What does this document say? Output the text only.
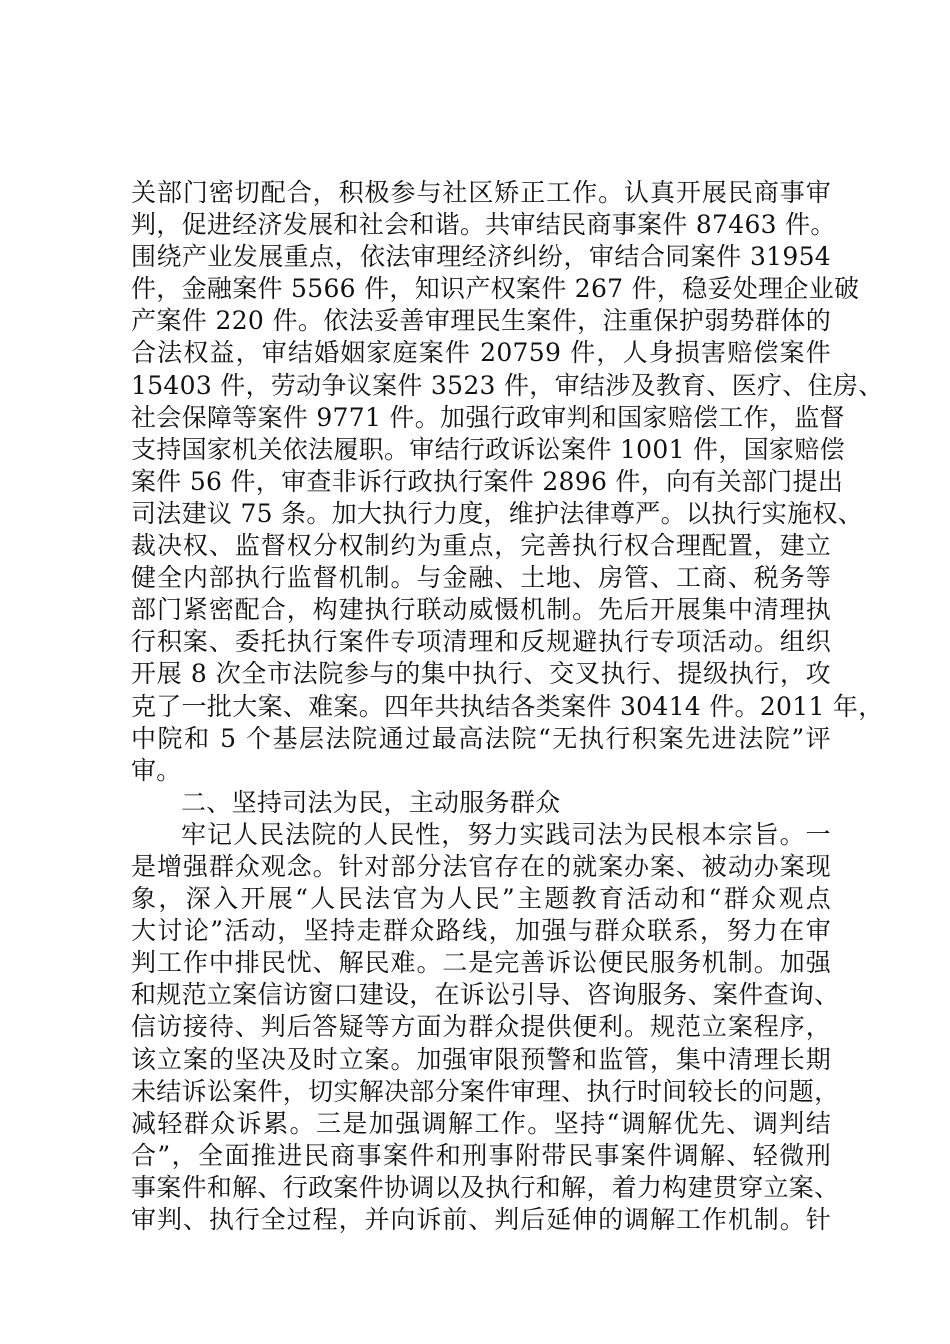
关部门密切配合，积极参与社区矫正工作。认真开展民商事审
判，促进经济发展和社会和谐。共审结民商事案件 87463 件。
围绕产业发展重点，依法审理经济纠纷，审结合同案件 31954
件，金融案件 5566 件，知识产权案件 267 件，稳妥处理企业破
产案件 220 件。依法妥善审理民生案件，注重保护弱势群体的
合法权益，审结婚姻家庭案件 20759 件，人身损害赔偿案件
15403 件，劳动争议案件 3523 件，审结涉及教育、医疗、住房、
社会保障等案件 9771 件。加强行政审判和国家赔偿工作，监督
支持国家机关依法履职。审结行政诉讼案件 1001 件，国家赔偿
案件 56 件，审查非诉行政执行案件 2896 件，向有关部门提出
司法建议 75 条。加大执行力度，维护法律尊严。以执行实施权、
裁决权、监督权分权制约为重点，完善执行权合理配置，建立
健全内部执行监督机制。与金融、土地、房管、工商、税务等
部门紧密配合，构建执行联动威慑机制。先后开展集中清理执
行积案、委托执行案件专项清理和反规避执行专项活动。组织
开展 8 次全市法院参与的集中执行、交叉执行、提级执行，攻
克了一批大案、难案。四年共执结各类案件 30414 件。2011 年，
中院和 5 个基层法院通过最高法院“无执行积案先进法院”评
审。
二、坚持司法为民，主动服务群众
牢记人民法院的人民性，努力实践司法为民根本宗旨。一
是增强群众观念。针对部分法官存在的就案办案、被动办案现
象，深入开展“人民法官为人民”主题教育活动和“群众观点
大讨论”活动，坚持走群众路线，加强与群众联系，努力在审
判工作中排民忧、解民难。二是完善诉讼便民服务机制。加强
和规范立案信访窗口建设，在诉讼引导、咨询服务、案件查询、
信访接待、判后答疑等方面为群众提供便利。规范立案程序，
该立案的坚决及时立案。加强审限预警和监管，集中清理长期
未结诉讼案件，切实解决部分案件审理、执行时间较长的问题，
减轻群众诉累。三是加强调解工作。坚持“调解优先、调判结
合”，全面推进民商事案件和刑事附带民事案件调解、轻微刑
事案件和解、行政案件协调以及执行和解，着力构建贯穿立案、
审判、执行全过程，并向诉前、判后延伸的调解工作机制。针
